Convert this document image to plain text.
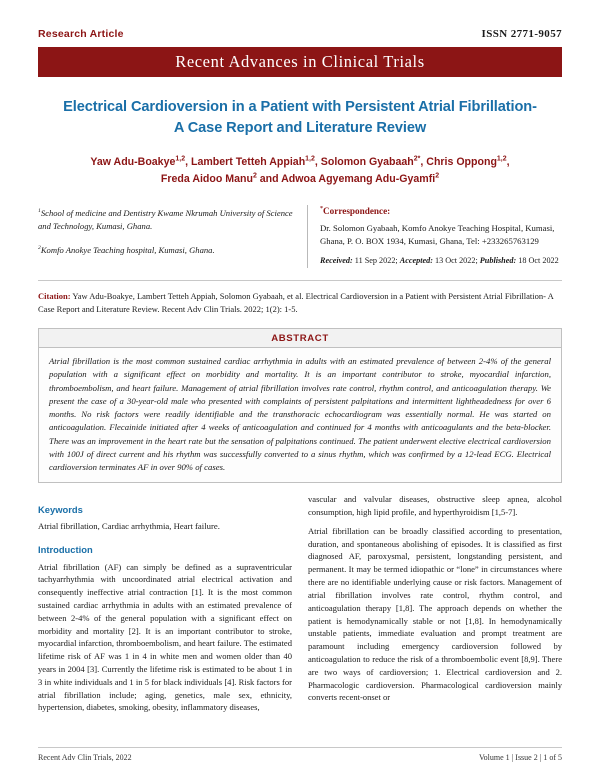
Research Article	ISSN 2771-9057
Recent Advances in Clinical Trials
Electrical Cardioversion in a Patient with Persistent Atrial Fibrillation-
A Case Report and Literature Review
Yaw Adu-Boakye$^{1,2}$, Lambert Tetteh Appiah$^{1,2}$, Solomon Gyabaah$^{2*}$, Chris Oppong$^{1,2}$,
Freda Aidoo Manu$^2$ and Adwoa Agyemang Adu-Gyamfi$^2$

$^1$School of medicine and Dentistry Kwame Nkrumah University of Science and Technology, Kumasi, Ghana.

$^2$Komfo Anokye Teaching hospital, Kumasi, Ghana.

*Correspondence:
Dr. Solomon Gyabaah, Komfo Anokye Teaching Hospital, Kumasi, Ghana, P. O. BOX 1934, Kumasi, Ghana, Tel: +233265763129
Received: 11 Sep 2022; Accepted: 13 Oct 2022; Published: 18 Oct 2022
Citation: Yaw Adu-Boakye, Lambert Tetteh Appiah, Solomon Gyabaah, et al. Electrical Cardioversion in a Patient with Persistent Atrial Fibrillation- A Case Report and Literature Review. Recent Adv Clin Trials. 2022; 1(2): 1-5.
ABSTRACT
Atrial fibrillation is the most common sustained cardiac arrhythmia in adults with an estimated prevalence of between 2-4% of the general population with a significant effect on morbidity and mortality. It is an important contributor to stroke, myocardial infarction, thromboembolism, and heart failure. Management of atrial fibrillation involves rate control, rhythm control, and anticoagulation therapy. We present the case of a 30-year-old male who presented with complaints of persistent palpitations and intermittent lightheadedness for over 6 months. No risk factors were readily identifiable and the transthoracic echocardiogram was essentially normal. He was started on anticoagulation. Flecainide initiated after 4 weeks of anticoagulation and continued for 4 months with anticoagulants and the beta-blocker. There was an improvement in the heart rate but the sensation of palpitations continued. The patient underwent elective electrical cardioversion with 100J of direct current and his rhythm was successfully converted to a sinus rhythm, which was confirmed by a 12-lead ECG. Electrical cardioversion terminates AF in over 90% of cases.
Keywords
Atrial fibrillation, Cardiac arrhythmia, Heart failure.
Introduction

Atrial fibrillation (AF) can simply be defined as a supraventricular tachyarrhythmia with uncoordinated atrial electrical activation and consequently ineffective atrial contraction [1]. It is the most common sustained cardiac arrhythmia in adults with an estimated prevalence of between 2-4% of the general population with a significant effect on morbidity and mortality [2]. It is an important contributor to stroke, myocardial infarction, thromboembolism, and heart failure. The estimated lifetime risk of AF was 1 in 4 in white men and women older than 40 years in 2004 [3]. Currently the lifetime risk is estimated to be about 1 in 3 in white individuals and 1 in 5 for black individuals [4]. Risk factors for atrial fibrillation include; aging, genetics, male sex, ethnicity, hypertension, diabetes, smoking, obesity, inflammatory diseases,

vascular and valvular diseases, obstructive sleep apnea, alcohol consumption, high lipid profile, and hyperthyroidism [1,5-7].

Atrial fibrillation can be broadly classified according to presentation, duration, and spontaneous abolishing of episodes. It is classified as first diagnosed AF, paroxysmal, persistent, longstanding persistent, and permanent. It may be termed idiopathic or “lone” in circumstances where there are no identifiable underlying cause or risk factors. Management of atrial fibrillation involves rate control, rhythm control, and anticoagulation therapy [1,8]. The approach depends on whether the patient is hemodynamically stable or not [1,8]. In hemodynamically unstable patients, immediate evaluation and prompt treatment are paramount including emergency cardioversion followed by anticoagulation to reduce the risk of a thromboembolic event [8,9]. There are two ways of cardioversion; 1. Electrical cardioversion and 2. Pharmacologic cardioversion. Pharmacological cardioversion mainly converts recent-onset or

Recent Adv Clin Trials, 2022	Volume 1 | Issue 2 | 1 of 5
